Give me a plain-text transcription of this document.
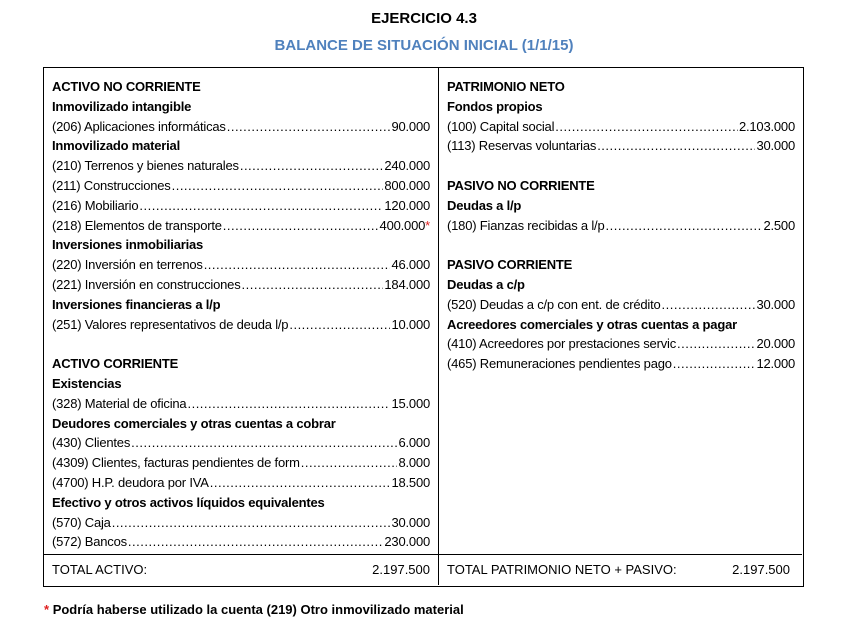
EJERCICIO 4.3
BALANCE DE SITUACIÓN INICIAL (1/1/15)
ACTIVO NO CORRIENTE
Inmovilizado intangible
(206) Aplicaciones informáticas .....	90.000
Inmovilizado material
(210) Terrenos y bienes naturales .....	240.000
(211) Construcciones .....	800.000
(216) Mobiliario .....	120.000
(218) Elementos de transporte .....	400.000 *
Inversiones inmobiliarias
(220) Inversión en terrenos .....	46.000
(221) Inversión en construcciones .....	184.000
Inversiones financieras a l/p
(251) Valores representativos de deuda l/p .....	10.000
ACTIVO CORRIENTE
Existencias
(328) Material de oficina .....	15.000
Deudores comerciales y otras cuentas a cobrar
(430) Clientes .....	6.000
(4309) Clientes, facturas pendientes de form .....	8.000
(4700) H.P. deudora por IVA .....	18.500
Efectivo y otros activos líquidos equivalentes
(570) Caja .....	30.000
(572) Bancos .....	230.000
PATRIMONIO NETO
Fondos propios
(100) Capital social .....	2.103.000
(113) Reservas voluntarias .....	30.000
PASIVO NO CORRIENTE
Deudas a l/p
(180) Fianzas recibidas a l/p .....	2.500
PASIVO CORRIENTE
Deudas a c/p
(520) Deudas a c/p con ent. de crédito .....	30.000
Acreedores comerciales y otras cuentas a pagar
(410) Acreedores por prestaciones servic .....	20.000
(465) Remuneraciones pendientes pago .....	12.000
TOTAL ACTIVO:	2.197.500 TOTAL PATRIMONIO NETO + PASIVO:	2.197.500
* Podría haberse utilizado la cuenta (219) Otro inmovilizado material
